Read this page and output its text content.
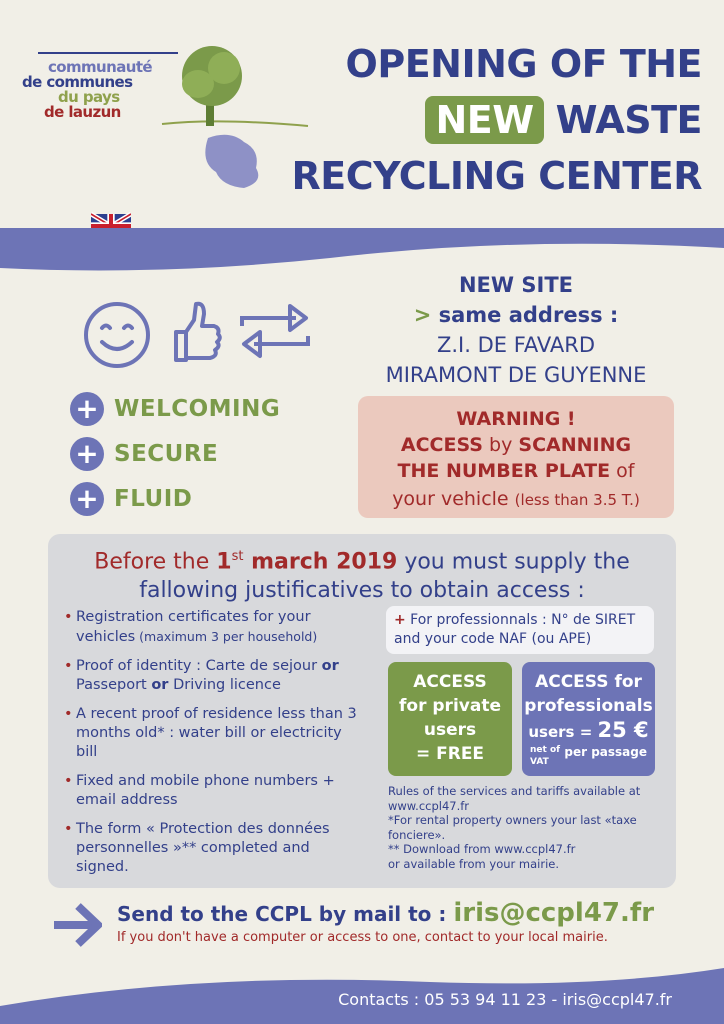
communauté
de communes
du pays
de lauzun
OPENING OF THE
NEW WASTE
RECYCLING CENTER
+ WELCOMING
+ SECURE
+ FLUID
NEW SITE
> same address :
Z.I. DE FAVARD
MIRAMONT DE GUYENNE
WARNING !
ACCESS by SCANNING
THE NUMBER PLATE of
your vehicle (less than 3.5 T.)
Before the 1st march 2019 you must supply the
fallowing justificatives to obtain access :
• Registration certificates for your vehicles (maximum 3 per household)
• Proof of identity : Carte de sejour or Passeport or Driving licence
• A recent proof of residence less than 3 months old* : water bill or electricity bill
• Fixed and mobile phone numbers + email address
• The form « Protection des données personnelles »** completed and signed.
+ For professionnals : N° de SIRET and your code NAF (ou APE)
ACCESS
for private
users
= FREE
ACCESS for
professionals
users = 25 €
net of
VAT
per passage
Rules of the services and tariffs available at www.ccpl47.fr
*For rental property owners your last «taxe fonciere».
** Download from www.ccpl47.fr
or available from your mairie.
Send to the CCPL by mail to : iris@ccpl47.fr
If you don't have a computer or access to one, contact to your local mairie.
Contacts : 05 53 94 11 23 - iris@ccpl47.fr
